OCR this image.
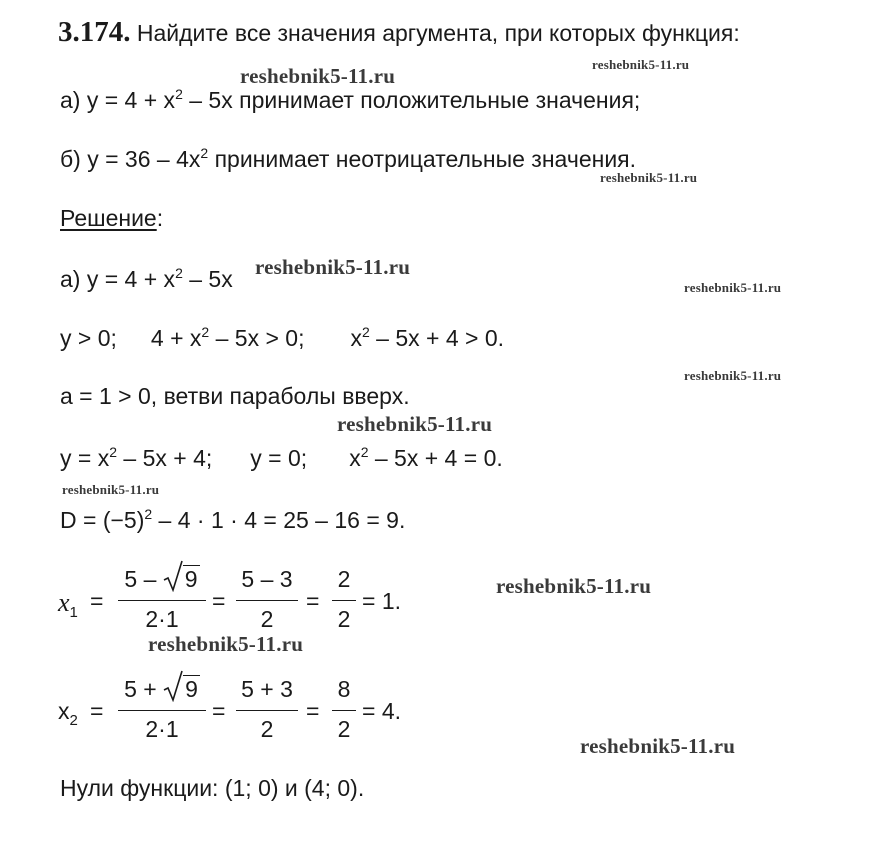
3.174. Найдите все значения аргумента, при которых функция:
а) $y = 4 + x^2 - 5x$ принимает положительные значения;
б) $y = 36 - 4x^2$ принимает неотрицательные значения.
Решение:
а) $y = 4 + x^2 - 5x$
y > 0; $4 + x^2 - 5x > 0$; $x^2 - 5x + 4 > 0$.
a = 1 > 0, ветви параболы вверх.
$y = x^2 - 5x + 4$; y = 0; $x^2 - 5x + 4 = 0$.
$D = (-5)^2 - 4 \cdot 1 \cdot 4 = 25 - 16 = 9$.
$x_1$ =
5 – 9
2·1
=
5 – 3
2
=
2
2
= 1.
$x_2$ =
5 + 9
2·1
=
5 + 3
2
=
8
2
= 4.
Нули функции: (1; 0) и (4; 0).
reshebnik5-11.ru	reshebnik5-11.ru
reshebnik5-11.ru
reshebnik5-11.ru
reshebnik5-11.ru
reshebnik5-11.ru
reshebnik5-11.ru
reshebnik5-11.ru
reshebnik5-11.ru
reshebnik5-11.ru
reshebnik5-11.ru
